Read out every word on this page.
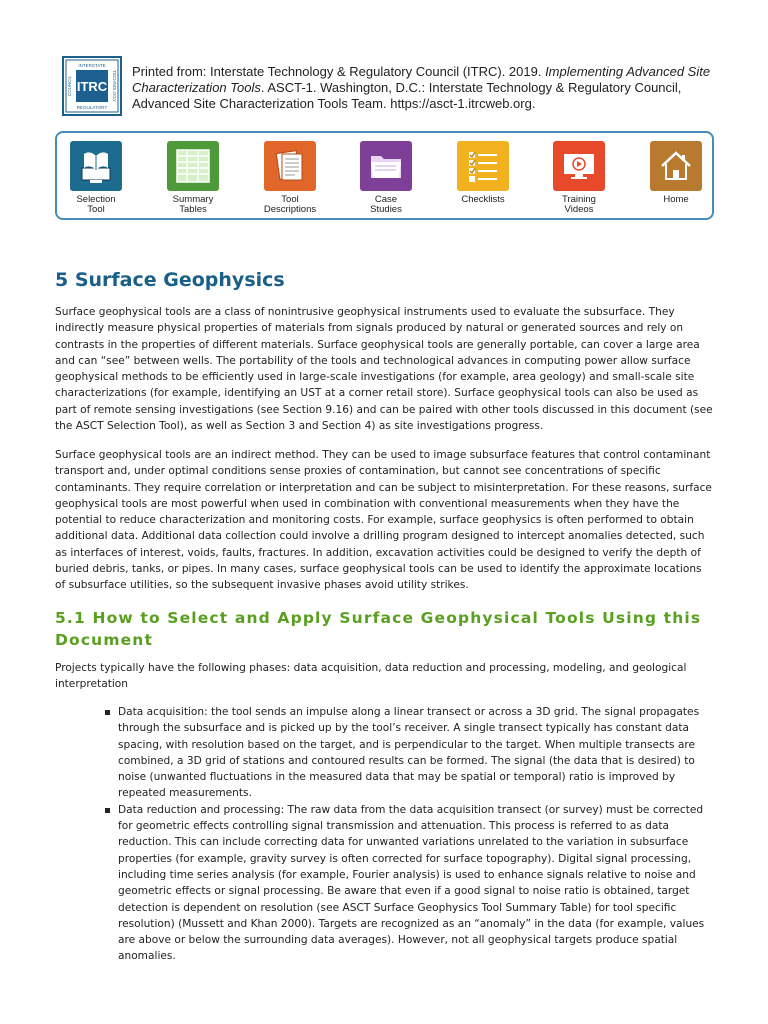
ITRC
INTERSTATE
REGULATORY
COUNCIL	TECHNOLOGY Printed from: Interstate Technology & Regulatory Council (ITRC). 2019. Implementing Advanced Site Characterization Tools. ASCT-1. Washington, D.C.: Interstate Technology & Regulatory Council, Advanced Site Characterization Tools Team. https://asct-1.itrcweb.org.
Selection
Tool
Summary
Tables
Tool
Descriptions
Case
Studies
Checklists	Training
Videos
Home
5 Surface Geophysics

Surface geophysical tools are a class of nonintrusive geophysical instruments used to evaluate the subsurface. They indirectly measure physical properties of materials from signals produced by natural or generated sources and rely on contrasts in the properties of different materials. Surface geophysical tools are generally portable, can cover a large area and can “see” between wells. The portability of the tools and technological advances in computing power allow surface geophysical methods to be efficiently used in large-scale investigations (for example, area geology) and small-scale site characterizations (for example, identifying an UST at a corner retail store). Surface geophysical tools can also be used as part of remote sensing investigations (see Section 9.16) and can be paired with other tools discussed in this document (see the ASCT Selection Tool), as well as Section 3 and Section 4) as site investigations progress.

Surface geophysical tools are an indirect method. They can be used to image subsurface features that control contaminant transport and, under optimal conditions sense proxies of contamination, but cannot see concentrations of specific contaminants. They require correlation or interpretation and can be subject to misinterpretation. For these reasons, surface geophysical tools are most powerful when used in combination with conventional measurements when they have the potential to reduce characterization and monitoring costs. For example, surface geophysics is often performed to obtain additional data. Additional data collection could involve a drilling program designed to intercept anomalies detected, such as interfaces of interest, voids, faults, fractures. In addition, excavation activities could be designed to verify the depth of buried debris, tanks, or pipes. In many cases, surface geophysical tools can be used to identify the approximate locations of subsurface utilities, so the subsequent invasive phases avoid utility strikes.

5.1 How to Select and Apply Surface Geophysical Tools Using this Document

Projects typically have the following phases: data acquisition, data reduction and processing, modeling, and geological interpretation

Data acquisition: the tool sends an impulse along a linear transect or across a 3D grid. The signal propagates through the subsurface and is picked up by the tool’s receiver. A single transect typically has constant data spacing, with resolution based on the target, and is perpendicular to the target. When multiple transects are combined, a 3D grid of stations and contoured results can be formed. The signal (the data that is desired) to noise (unwanted fluctuations in the measured data that may be spatial or temporal) ratio is improved by repeated measurements.
Data reduction and processing: The raw data from the data acquisition transect (or survey) must be corrected for geometric effects controlling signal transmission and attenuation. This process is referred to as data reduction. This can include correcting data for unwanted variations unrelated to the variation in subsurface properties (for example, gravity survey is often corrected for surface topography). Digital signal processing, including time series analysis (for example, Fourier analysis) is used to enhance signals relative to noise and geometric effects or signal processing. Be aware that even if a good signal to noise ratio is obtained, target detection is dependent on resolution (see ASCT Surface Geophysics Tool Summary Table) for tool specific resolution) (Mussett and Khan 2000). Targets are recognized as an “anomaly” in the data (for example, values are above or below the surrounding data averages). However, not all geophysical targets produce spatial anomalies.
